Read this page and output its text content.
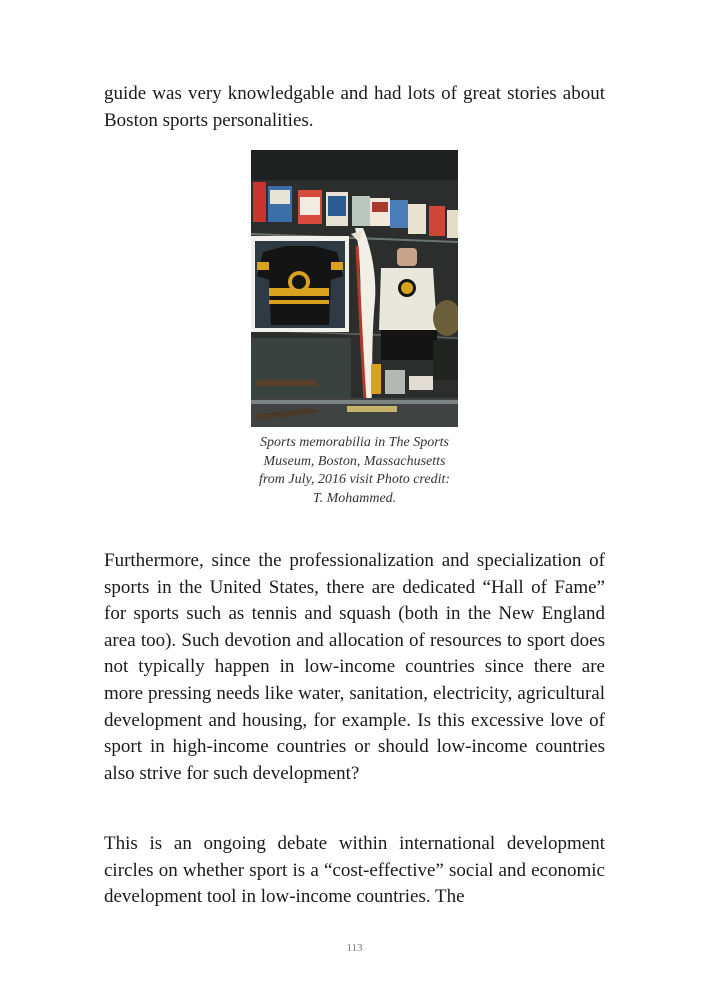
guide was very knowledgable and had lots of great stories about Boston sports personalities.

Sports memorabilia in The Sports
Museum, Boston, Massachusetts
from July, 2016 visit Photo credit:
T. Mohammed.

Furthermore, since the professionalization and specialization of sports in the United States, there are dedicated “Hall of Fame” for sports such as tennis and squash (both in the New England area too). Such devotion and allocation of resources to sport does not typically happen in low-income countries since there are more pressing needs like water, sanitation, electricity, agricultural development and housing, for example. Is this excessive love of sport in high-income countries or should low-income countries also strive for such development?

This is an ongoing debate within international development circles on whether sport is a “cost-effective” social and economic development tool in low-income countries. The

113
